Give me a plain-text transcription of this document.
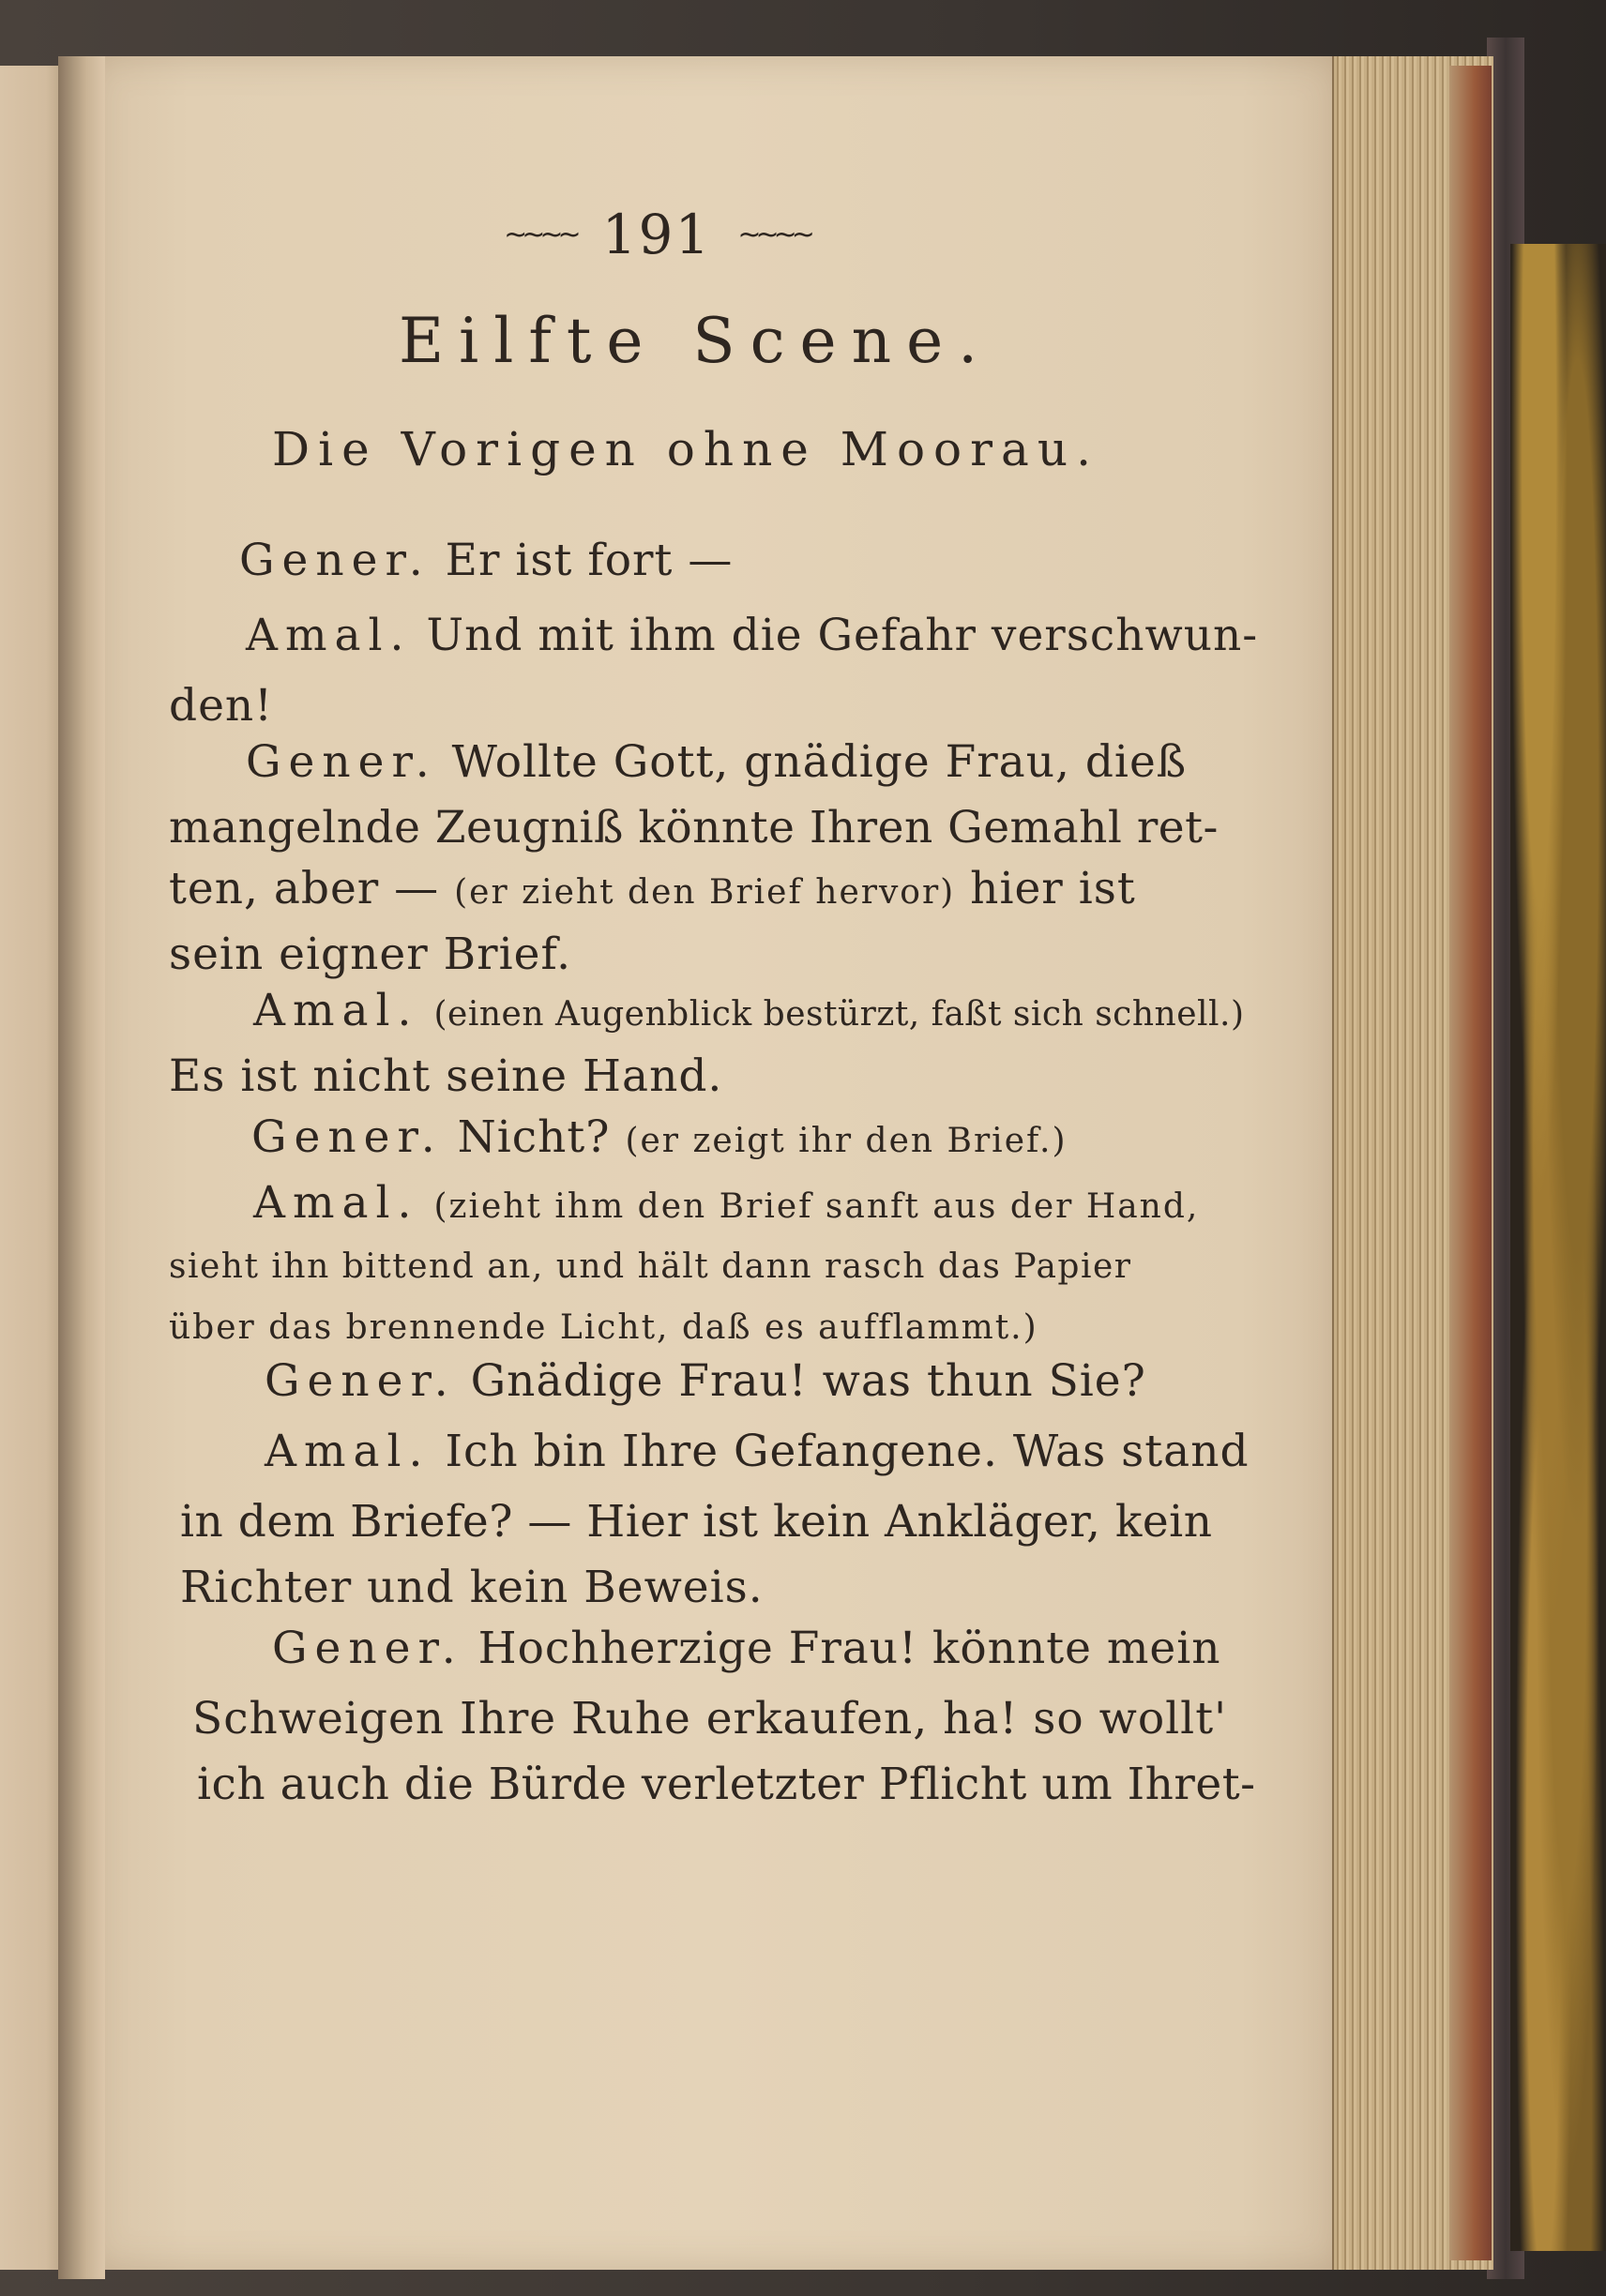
~~~~ 191 ~~~~
Eilfte Scene.
Die Vorigen ohne Moorau.
Gener. Er ist fort —
Amal. Und mit ihm die Gefahr verschwun-
den!
Gener. Wollte Gott, gnädige Frau, dieß
mangelnde Zeugniß könnte Ihren Gemahl ret-
ten, aber — (er zieht den Brief hervor) hier ist
sein eigner Brief.
Amal. (einen Augenblick bestürzt, faßt sich schnell.)
Es ist nicht seine Hand.
Gener. Nicht? (er zeigt ihr den Brief.)
Amal. (zieht ihm den Brief sanft aus der Hand,
sieht ihn bittend an, und hält dann rasch das Papier
über das brennende Licht, daß es aufflammt.)
Gener. Gnädige Frau! was thun Sie?
Amal. Ich bin Ihre Gefangene. Was stand
in dem Briefe? — Hier ist kein Ankläger, kein
Richter und kein Beweis.
Gener. Hochherzige Frau! könnte mein
Schweigen Ihre Ruhe erkaufen, ha! so wollt'
ich auch die Bürde verletzter Pflicht um Ihret-
